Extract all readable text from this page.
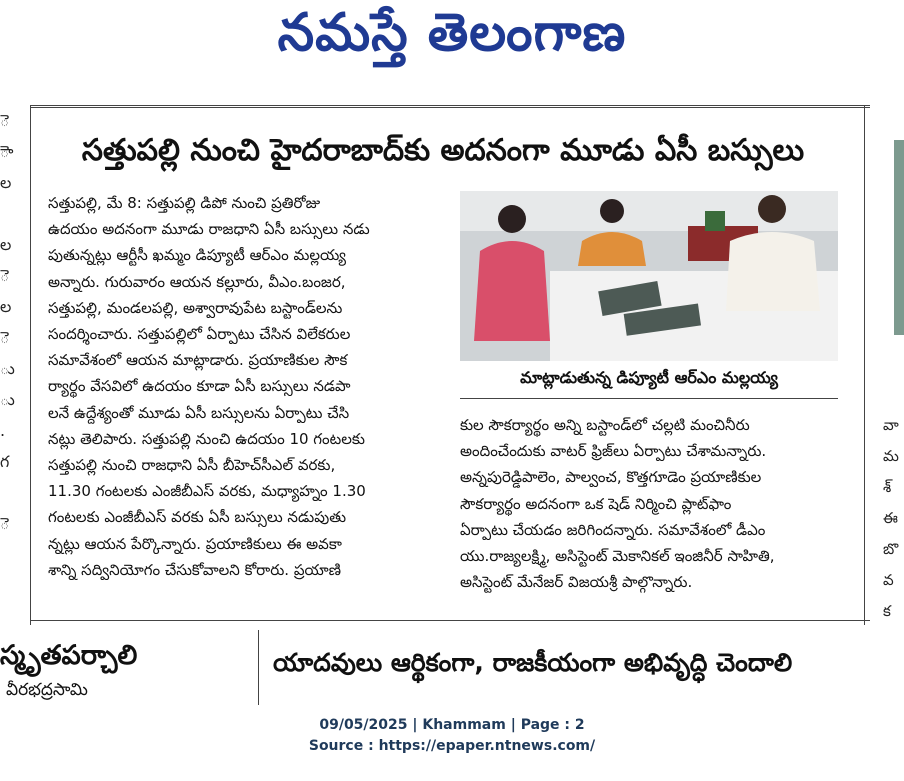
నమస్తే తెలంగాణ
ె
ెా
ల

ల
ె
ల
ె
ు
ు
.
గ

ె
వా
మ
శ్
ఈ
బొ
వ
క
సత్తుపల్లి నుంచి హైదరాబాద్‌కు అదనంగా మూడు ఏసీ బస్సులు
సత్తుపల్లి, మే 8: సత్తుపల్లి డిపో నుంచి ప్రతిరోజు
ఉదయం అదనంగా మూడు రాజధాని ఏసీ బస్సులు నడు
పుతున్నట్లు ఆర్టీసీ ఖమ్మం డిప్యూటీ ఆర్‌ఎం మల్లయ్య
అన్నారు. గురువారం ఆయన కల్లూరు, వీఎం.బంజర,
సత్తుపల్లి, మండలపల్లి, అశ్వారావుపేట బస్టాండ్‌లను
సందర్శించారు. సత్తుపల్లిలో ఏర్పాటు చేసిన విలేకరుల
సమావేశంలో ఆయన మాట్లాడారు. ప్రయాణికుల సౌక
ర్యార్థం వేసవిలో ఉదయం కూడా ఏసీ బస్సులు నడపా
లనే ఉద్దేశ్యంతో మూడు ఏసీ బస్సులను ఏర్పాటు చేసి
నట్లు తెలిపారు. సత్తుపల్లి నుంచి ఉదయం 10 గంటలకు
సత్తుపల్లి నుంచి రాజధాని ఏసీ బీహెచ్‌సీఎల్ వరకు,
11.30 గంటలకు ఎంజీబీఎస్ వరకు, మధ్యాహ్నం 1.30
గంటలకు ఎంజీబీఎస్ వరకు ఏసీ బస్సులు నడుపుతు
న్నట్లు ఆయన పేర్కొన్నారు. ప్రయాణికులు ఈ అవకా
శాన్ని సద్వినియోగం చేసుకోవాలని కోరారు. ప్రయాణి
మాట్లాడుతున్న డిప్యూటీ ఆర్‌ఎం మల్లయ్య
కుల సౌకర్యార్థం అన్ని బస్టాండ్‌లో చల్లటి మంచినీరు
అందించేందుకు వాటర్ ఫ్రిజ్‌లు ఏర్పాటు చేశామన్నారు.
అన్నపురెడ్డిపాలెం, పాల్వంచ, కొత్తగూడెం ప్రయాణికుల
సౌకర్యార్థం అదనంగా ఒక షెడ్ నిర్మించి ప్లాట్‌ఫాం
ఏర్పాటు చేయడం జరిగిందన్నారు. సమావేశంలో డీఎం
యు.రాజ్యలక్ష్మి, అసిస్టెంట్ మెకానికల్ ఇంజినీర్ సాహితి,
అసిస్టెంట్ మేనేజర్ విజయశ్రీ పాల్గొన్నారు.
స్మృతపర్చాలి
వీరభద్రసామి
యాదవులు ఆర్థికంగా, రాజకీయంగా అభివృద్ధి చెందాలి
09/05/2025 | Khammam | Page : 2
Source : https://epaper.ntnews.com/
